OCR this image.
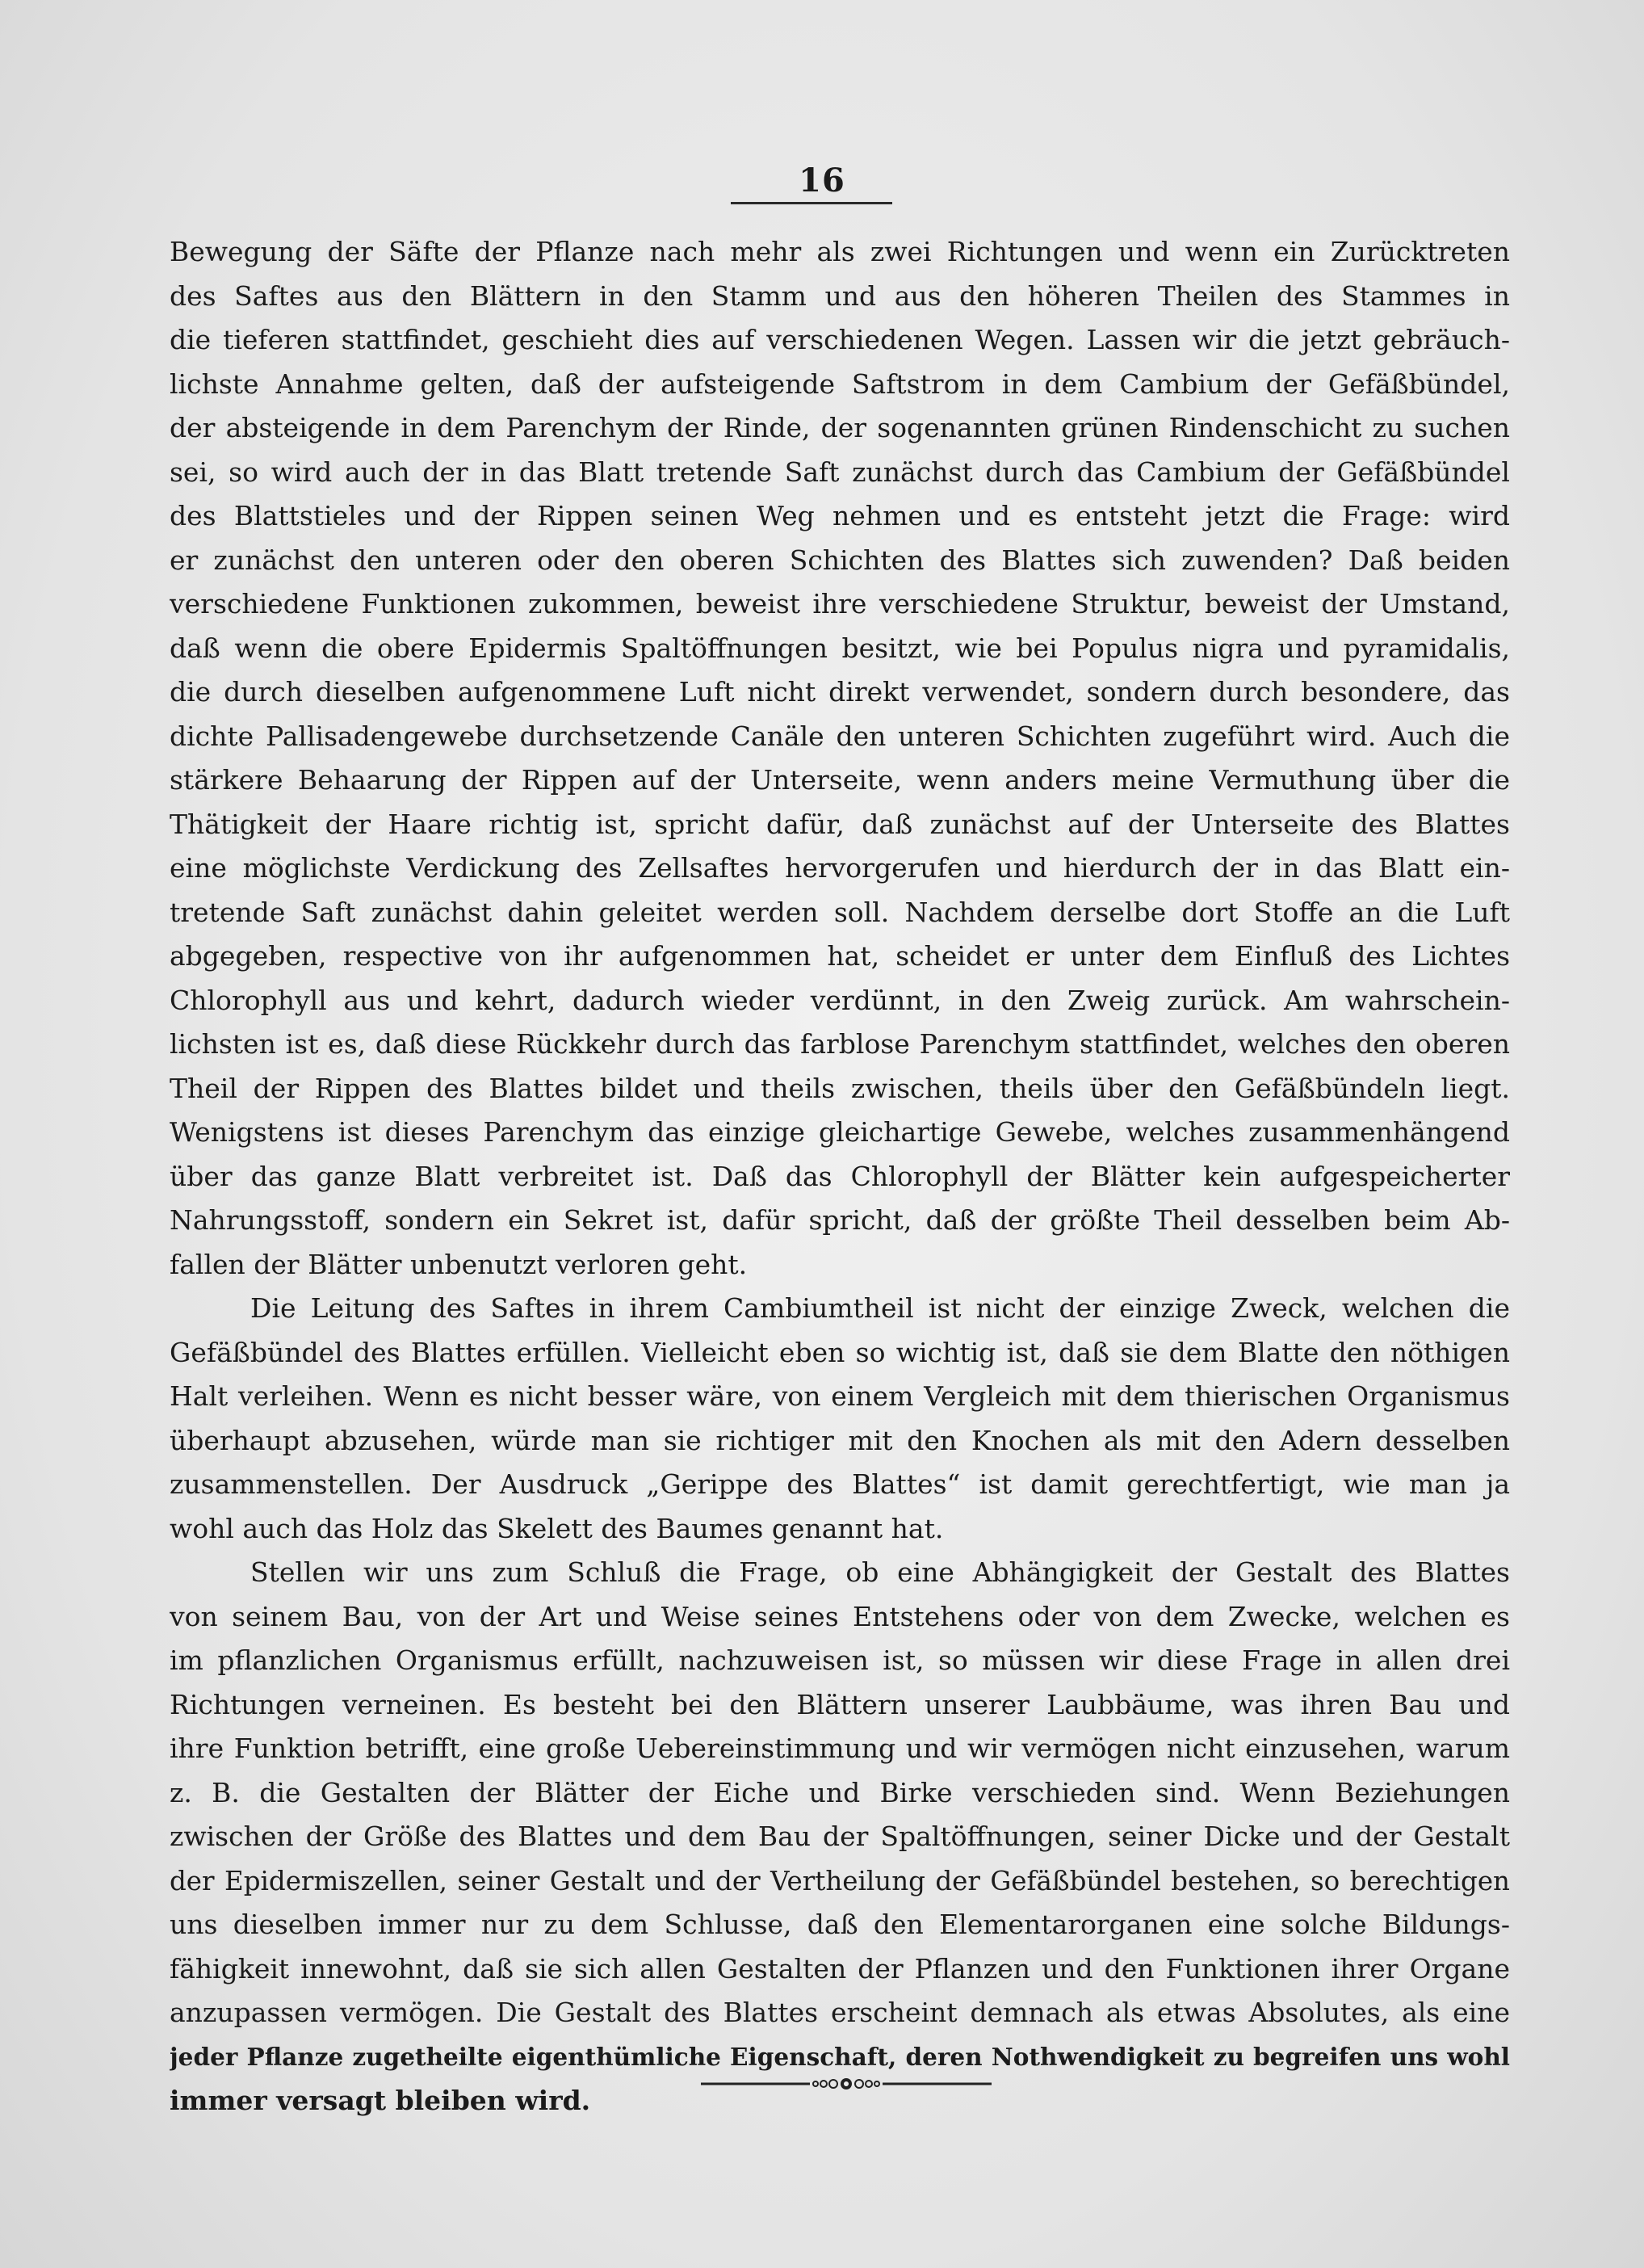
16
Bewegung der Säfte der Pflanze nach mehr als zwei Richtungen und wenn ein Zurücktreten
des Saftes aus den Blättern in den Stamm und aus den höheren Theilen des Stammes in
die tieferen stattfindet, geschieht dies auf verschiedenen Wegen. Lassen wir die jetzt gebräuch-
lichste Annahme gelten, daß der aufsteigende Saftstrom in dem Cambium der Gefäßbündel,
der absteigende in dem Parenchym der Rinde, der sogenannten grünen Rindenschicht zu suchen
sei, so wird auch der in das Blatt tretende Saft zunächst durch das Cambium der Gefäßbündel
des Blattstieles und der Rippen seinen Weg nehmen und es entsteht jetzt die Frage: wird
er zunächst den unteren oder den oberen Schichten des Blattes sich zuwenden? Daß beiden
verschiedene Funktionen zukommen, beweist ihre verschiedene Struktur, beweist der Umstand,
daß wenn die obere Epidermis Spaltöffnungen besitzt, wie bei Populus nigra und pyramidalis,
die durch dieselben aufgenommene Luft nicht direkt verwendet, sondern durch besondere, das
dichte Pallisadengewebe durchsetzende Canäle den unteren Schichten zugeführt wird. Auch die
stärkere Behaarung der Rippen auf der Unterseite, wenn anders meine Vermuthung über die
Thätigkeit der Haare richtig ist, spricht dafür, daß zunächst auf der Unterseite des Blattes
eine möglichste Verdickung des Zellsaftes hervorgerufen und hierdurch der in das Blatt ein-
tretende Saft zunächst dahin geleitet werden soll. Nachdem derselbe dort Stoffe an die Luft
abgegeben, respective von ihr aufgenommen hat, scheidet er unter dem Einfluß des Lichtes
Chlorophyll aus und kehrt, dadurch wieder verdünnt, in den Zweig zurück. Am wahrschein-
lichsten ist es, daß diese Rückkehr durch das farblose Parenchym stattfindet, welches den oberen
Theil der Rippen des Blattes bildet und theils zwischen, theils über den Gefäßbündeln liegt.
Wenigstens ist dieses Parenchym das einzige gleichartige Gewebe, welches zusammenhängend
über das ganze Blatt verbreitet ist. Daß das Chlorophyll der Blätter kein aufgespeicherter
Nahrungsstoff, sondern ein Sekret ist, dafür spricht, daß der größte Theil desselben beim Ab-
fallen der Blätter unbenutzt verloren geht.
Die Leitung des Saftes in ihrem Cambiumtheil ist nicht der einzige Zweck, welchen die
Gefäßbündel des Blattes erfüllen. Vielleicht eben so wichtig ist, daß sie dem Blatte den nöthigen
Halt verleihen. Wenn es nicht besser wäre, von einem Vergleich mit dem thierischen Organismus
überhaupt abzusehen, würde man sie richtiger mit den Knochen als mit den Adern desselben
zusammenstellen. Der Ausdruck „Gerippe des Blattes“ ist damit gerechtfertigt, wie man ja
wohl auch das Holz das Skelett des Baumes genannt hat.
Stellen wir uns zum Schluß die Frage, ob eine Abhängigkeit der Gestalt des Blattes
von seinem Bau, von der Art und Weise seines Entstehens oder von dem Zwecke, welchen es
im pflanzlichen Organismus erfüllt, nachzuweisen ist, so müssen wir diese Frage in allen drei
Richtungen verneinen. Es besteht bei den Blättern unserer Laubbäume, was ihren Bau und
ihre Funktion betrifft, eine große Uebereinstimmung und wir vermögen nicht einzusehen, warum
z. B. die Gestalten der Blätter der Eiche und Birke verschieden sind. Wenn Beziehungen
zwischen der Größe des Blattes und dem Bau der Spaltöffnungen, seiner Dicke und der Gestalt
der Epidermiszellen, seiner Gestalt und der Vertheilung der Gefäßbündel bestehen, so berechtigen
uns dieselben immer nur zu dem Schlusse, daß den Elementarorganen eine solche Bildungs-
fähigkeit innewohnt, daß sie sich allen Gestalten der Pflanzen und den Funktionen ihrer Organe
anzupassen vermögen. Die Gestalt des Blattes erscheint demnach als etwas Absolutes, als eine
jeder Pflanze zugetheilte eigenthümliche Eigenschaft, deren Nothwendigkeit zu begreifen uns wohl
immer versagt bleiben wird.
